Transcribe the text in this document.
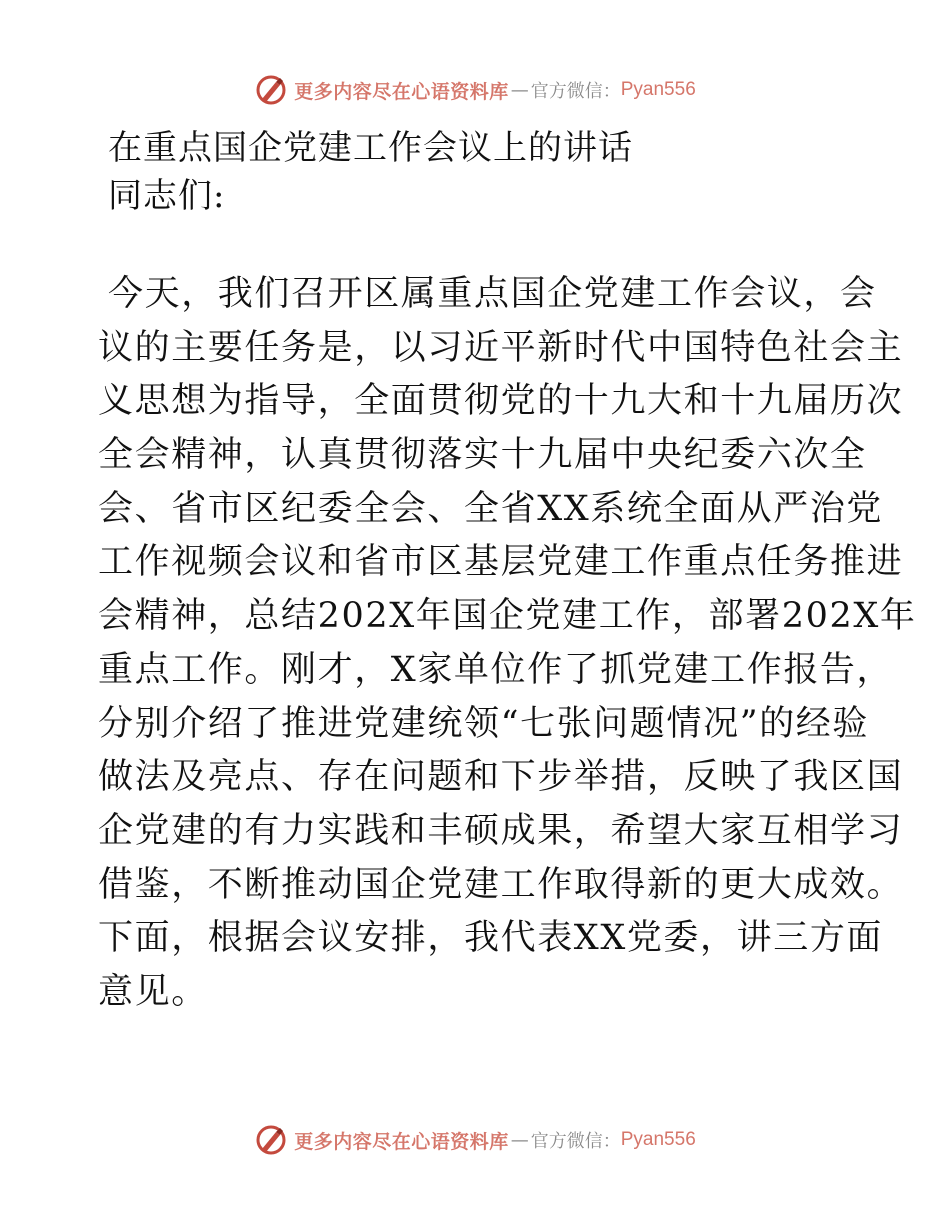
更多内容尽在心语资料库 — 官方微信： Pyan556
在重点国企党建工作会议上的讲话
同志们:
今天，我们召开区属重点国企党建工作会议，会
议的主要任务是，以习近平新时代中国特色社会主
义思想为指导，全面贯彻党的十九大和十九届历次
全会精神，认真贯彻落实十九届中央纪委六次全
会、省市区纪委全会、全省XX系统全面从严治党
工作视频会议和省市区基层党建工作重点任务推进
会精神，总结202X年国企党建工作，部署202X年
重点工作。刚才，X家单位作了抓党建工作报告，
分别介绍了推进党建统领“七张问题情况”的经验
做法及亮点、存在问题和下步举措，反映了我区国
企党建的有力实践和丰硕成果，希望大家互相学习
借鉴，不断推动国企党建工作取得新的更大成效。
下面，根据会议安排，我代表XX党委，讲三方面
意见。
更多内容尽在心语资料库 — 官方微信： Pyan556
